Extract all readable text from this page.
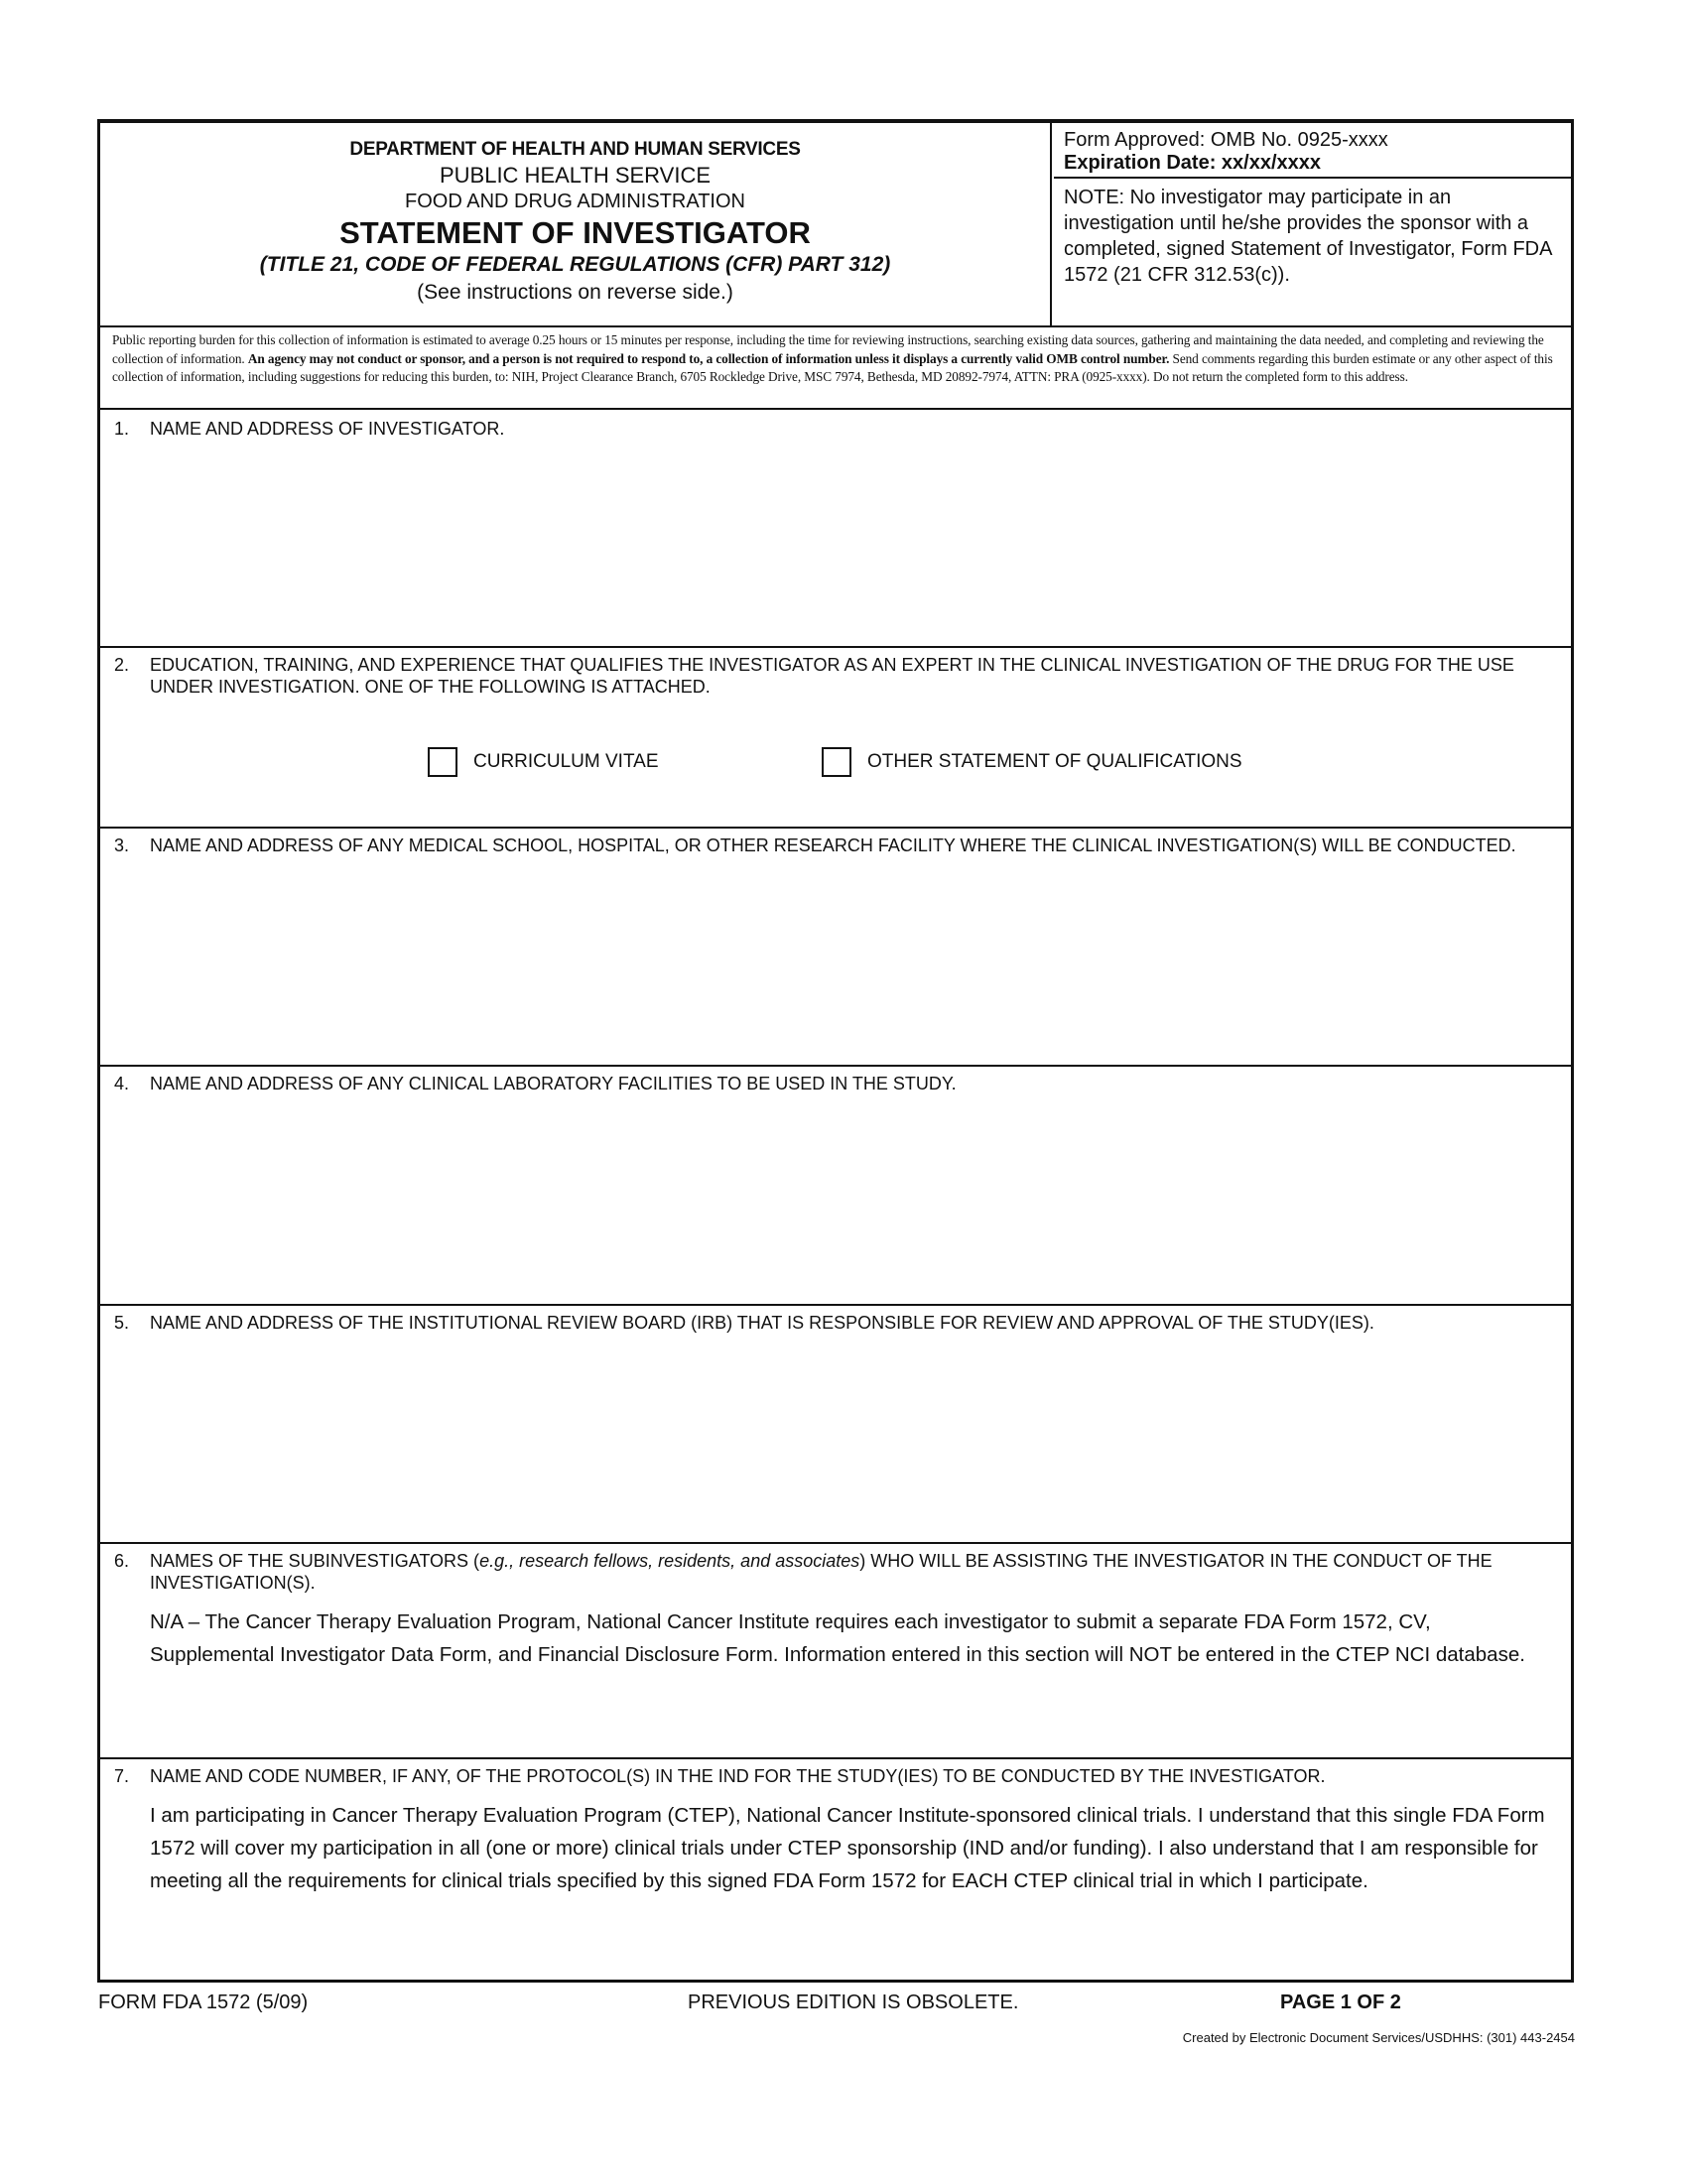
DEPARTMENT OF HEALTH AND HUMAN SERVICES
PUBLIC HEALTH SERVICE
FOOD AND DRUG ADMINISTRATION
STATEMENT OF INVESTIGATOR
(TITLE 21, CODE OF FEDERAL REGULATIONS (CFR) PART 312)
(See instructions on reverse side.)
Form Approved: OMB No. 0925-xxxx
Expiration Date: xx/xx/xxxx
NOTE: No investigator may participate in an investigation until he/she provides the sponsor with a completed, signed Statement of Investigator, Form FDA 1572 (21 CFR 312.53(c)).
Public reporting burden for this collection of information is estimated to average 0.25 hours or 15 minutes per response, including the time for reviewing instructions, searching existing data sources, gathering and maintaining the data needed, and completing and reviewing the collection of information. An agency may not conduct or sponsor, and a person is not required to respond to, a collection of information unless it displays a currently valid OMB control number. Send comments regarding this burden estimate or any other aspect of this collection of information, including suggestions for reducing this burden, to: NIH, Project Clearance Branch, 6705 Rockledge Drive, MSC 7974, Bethesda, MD 20892-7974, ATTN: PRA (0925-xxxx). Do not return the completed form to this address.
1.	NAME AND ADDRESS OF INVESTIGATOR.
2.	EDUCATION, TRAINING, AND EXPERIENCE THAT QUALIFIES THE INVESTIGATOR AS AN EXPERT IN THE CLINICAL INVESTIGATION OF THE DRUG FOR THE USE UNDER INVESTIGATION. ONE OF THE FOLLOWING IS ATTACHED.
CURRICULUM VITAE	OTHER STATEMENT OF QUALIFICATIONS
3.	NAME AND ADDRESS OF ANY MEDICAL SCHOOL, HOSPITAL, OR OTHER RESEARCH FACILITY WHERE THE CLINICAL INVESTIGATION(S) WILL BE CONDUCTED.
4.	NAME AND ADDRESS OF ANY CLINICAL LABORATORY FACILITIES TO BE USED IN THE STUDY.
5.	NAME AND ADDRESS OF THE INSTITUTIONAL REVIEW BOARD (IRB) THAT IS RESPONSIBLE FOR REVIEW AND APPROVAL OF THE STUDY(IES).
6.	NAMES OF THE SUBINVESTIGATORS (e.g., research fellows, residents, and associates) WHO WILL BE ASSISTING THE INVESTIGATOR IN THE CONDUCT OF THE INVESTIGATION(S).
N/A – The Cancer Therapy Evaluation Program, National Cancer Institute requires each investigator to submit a separate FDA Form 1572, CV, Supplemental Investigator Data Form, and Financial Disclosure Form. Information entered in this section will NOT be entered in the CTEP NCI database.
7.	NAME AND CODE NUMBER, IF ANY, OF THE PROTOCOL(S) IN THE IND FOR THE STUDY(IES) TO BE CONDUCTED BY THE INVESTIGATOR.
I am participating in Cancer Therapy Evaluation Program (CTEP), National Cancer Institute-sponsored clinical trials. I understand that this single FDA Form 1572 will cover my participation in all (one or more) clinical trials under CTEP sponsorship (IND and/or funding). I also understand that I am responsible for meeting all the requirements for clinical trials specified by this signed FDA Form 1572 for EACH CTEP clinical trial in which I participate.
FORM FDA 1572 (5/09)	PREVIOUS EDITION IS OBSOLETE.	PAGE 1 OF 2
Created by Electronic Document Services/USDHHS: (301) 443-2454
